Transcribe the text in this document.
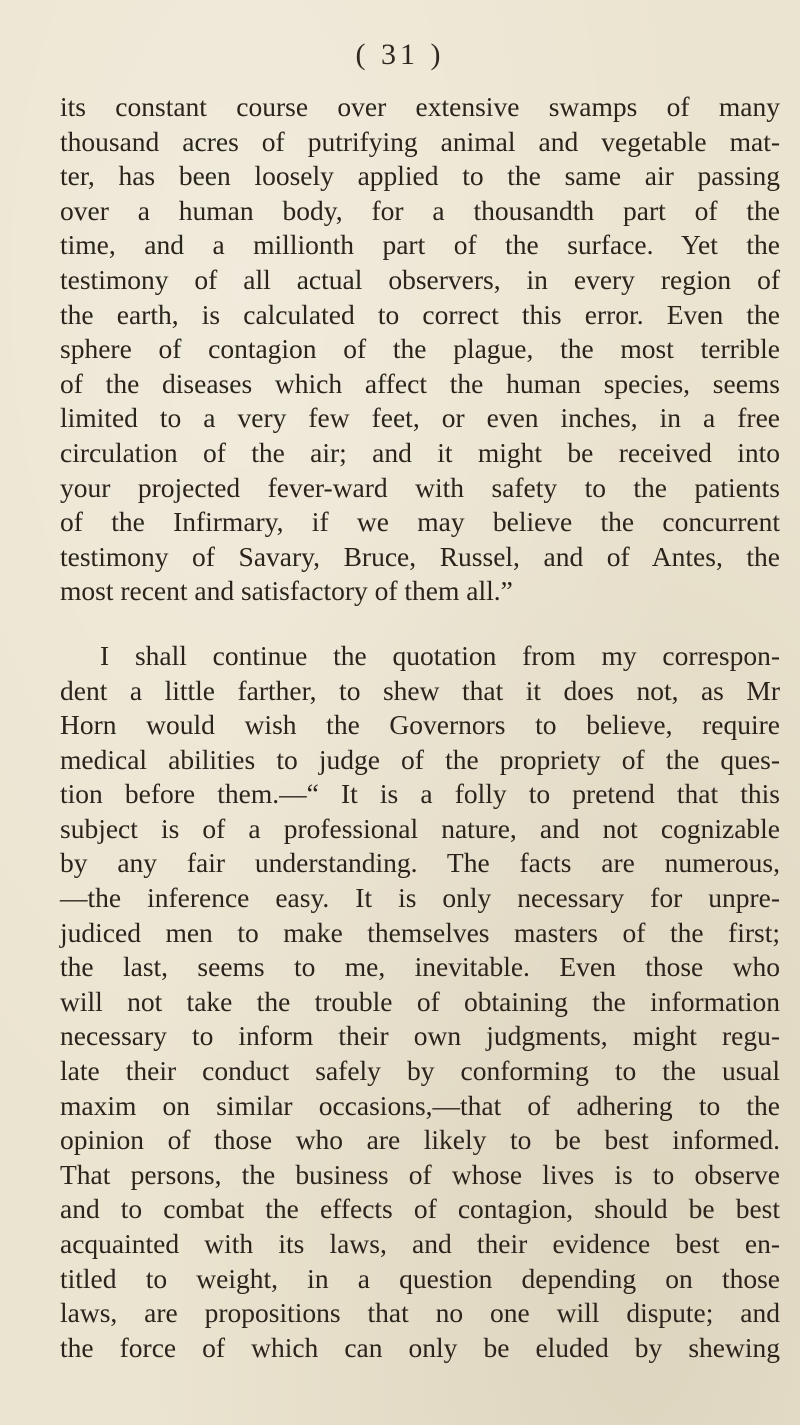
( 31 )
its constant course over extensive swamps of many
thousand acres of putrifying animal and vegetable mat-
ter, has been loosely applied to the same air passing
over a human body, for a thousandth part of the
time, and a millionth part of the surface. Yet the
testimony of all actual observers, in every region of
the earth, is calculated to correct this error. Even the
sphere of contagion of the plague, the most terrible
of the diseases which affect the human species, seems
limited to a very few feet, or even inches, in a free
circulation of the air; and it might be received into
your projected fever-ward with safety to the patients
of the Infirmary, if we may believe the concurrent
testimony of Savary, Bruce, Russel, and of Antes, the
most recent and satisfactory of them all.”
I shall continue the quotation from my correspon-
dent a little farther, to shew that it does not, as Mr
Horn would wish the Governors to believe, require
medical abilities to judge of the propriety of the ques-
tion before them.—“ It is a folly to pretend that this
subject is of a professional nature, and not cognizable
by any fair understanding. The facts are numerous,
—the inference easy. It is only necessary for unpre-
judiced men to make themselves masters of the first;
the last, seems to me, inevitable. Even those who
will not take the trouble of obtaining the information
necessary to inform their own judgments, might regu-
late their conduct safely by conforming to the usual
maxim on similar occasions,—that of adhering to the
opinion of those who are likely to be best informed.
That persons, the business of whose lives is to observe
and to combat the effects of contagion, should be best
acquainted with its laws, and their evidence best en-
titled to weight, in a question depending on those
laws, are propositions that no one will dispute; and
the force of which can only be eluded by shewing
